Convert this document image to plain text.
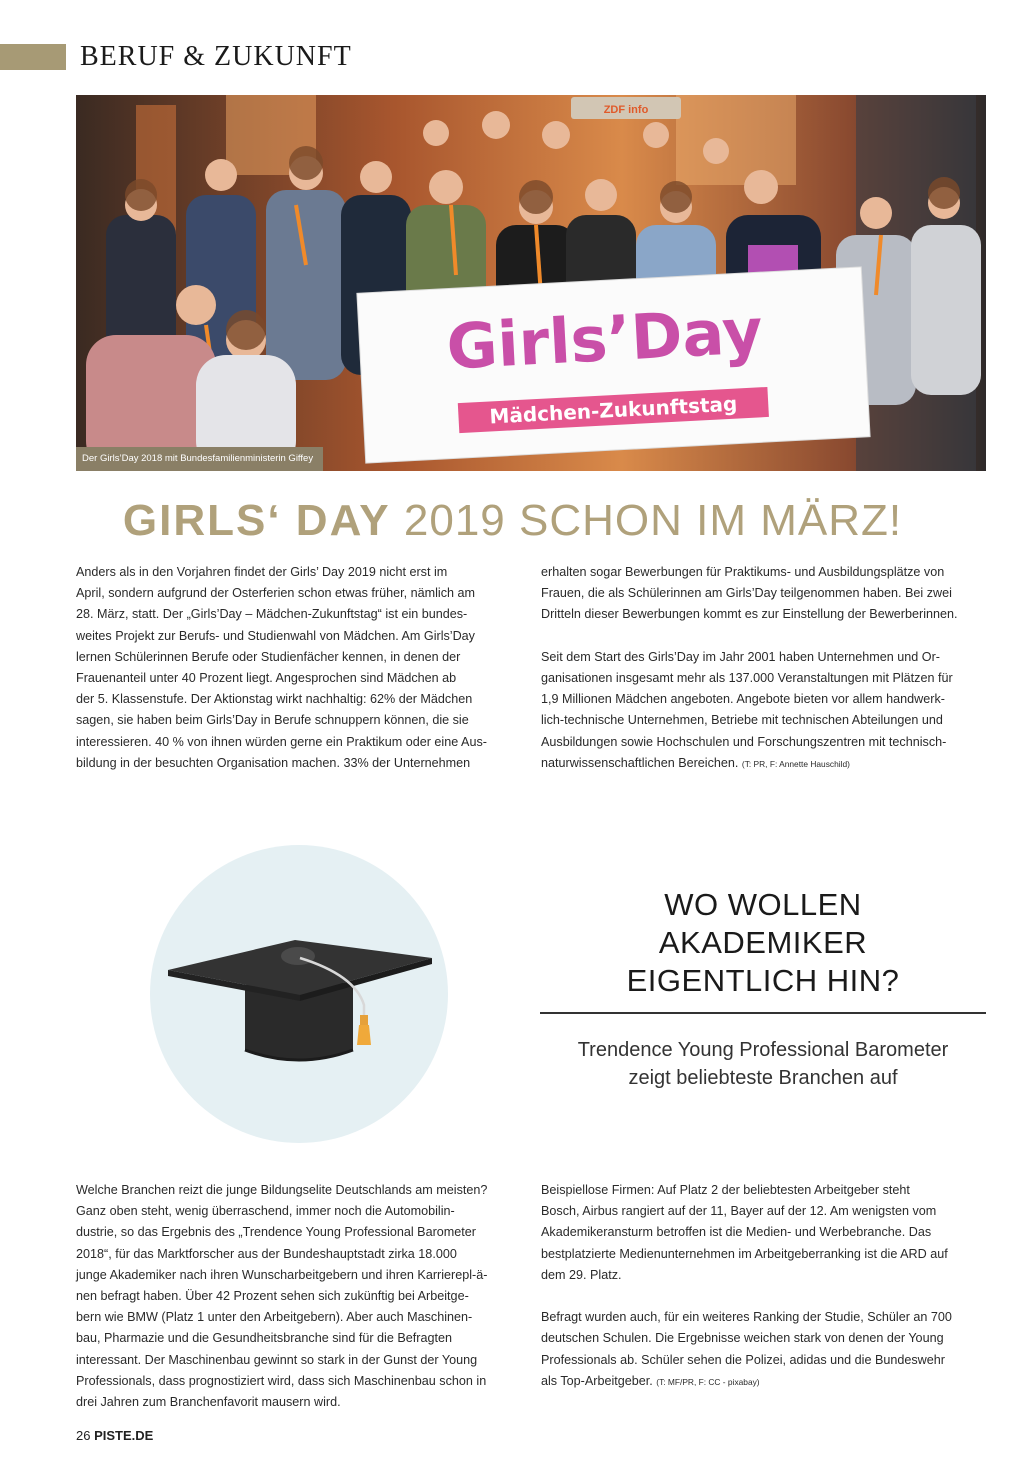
BERUF & ZUKUNFT
ZDF info
Girls’Day
Mädchen-Zukunftstag
Der Girls’Day 2018 mit Bundesfamilienministerin Giffey
GIRLS‘ DAY 2019 SCHON IM MÄRZ!

Anders als in den Vorjahren findet der Girls’ Day 2019 nicht erst im

April, sondern aufgrund der Osterferien schon etwas früher, nämlich am

28. März, statt. Der „Girls’Day – Mädchen-Zukunftstag“ ist ein bundes-

weites Projekt zur Berufs- und Studienwahl von Mädchen. Am Girls’Day

lernen Schülerinnen Berufe oder Studienfächer kennen, in denen der

Frauenanteil unter 40 Prozent liegt. Angesprochen sind Mädchen ab

der 5. Klassenstufe. Der Aktionstag wirkt nachhaltig: 62% der Mädchen

sagen, sie haben beim Girls’Day in Berufe schnuppern können, die sie

interessieren. 40 % von ihnen würden gerne ein Praktikum oder eine Aus-

bildung in der besuchten Organisation machen. 33% der Unternehmen

erhalten sogar Bewerbungen für Praktikums- und Ausbildungsplätze von

Frauen, die als Schülerinnen am Girls’Day teilgenommen haben. Bei zwei

Dritteln dieser Bewerbungen kommt es zur Einstellung der Bewerberinnen.

Seit dem Start des Girls’Day im Jahr 2001 haben Unternehmen und Or-

ganisationen insgesamt mehr als 137.000 Veranstaltungen mit Plätzen für

1,9 Millionen Mädchen angeboten. Angebote bieten vor allem handwerk-

lich-technische Unternehmen, Betriebe mit technischen Abteilungen und

Ausbildungen sowie Hochschulen und Forschungszentren mit technisch-

naturwissenschaftlichen Bereichen. (T: PR, F: Annette Hauschild)

WO WOLLEN
AKADEMIKER
EIGENTLICH HIN?
Trendence Young Professional Barometer
zeigt beliebteste Branchen auf

Welche Branchen reizt die junge Bildungselite Deutschlands am meisten?

Ganz oben steht, wenig überraschend, immer noch die Automobilin-

dustrie, so das Ergebnis des „Trendence Young Professional Barometer

2018“, für das Marktforscher aus der Bundeshauptstadt zirka 18.000

junge Akademiker nach ihren Wunscharbeitgebern und ihren Karrierepl-ä-

nen befragt haben. Über 42 Prozent sehen sich zukünftig bei Arbeitge-

bern wie BMW (Platz 1 unter den Arbeitgebern). Aber auch Maschinen-

bau, Pharmazie und die Gesundheitsbranche sind für die Befragten

interessant. Der Maschinenbau gewinnt so stark in der Gunst der Young

Professionals, dass prognostiziert wird, dass sich Maschinenbau schon in

drei Jahren zum Branchenfavorit mausern wird.

Beispiellose Firmen: Auf Platz 2 der beliebtesten Arbeitgeber steht

Bosch, Airbus rangiert auf der 11, Bayer auf der 12. Am wenigsten vom

Akademikeransturm betroffen ist die Medien- und Werbebranche. Das

bestplatzierte Medienunternehmen im Arbeitgeberranking ist die ARD auf

dem 29. Platz.

Befragt wurden auch, für ein weiteres Ranking der Studie, Schüler an 700

deutschen Schulen. Die Ergebnisse weichen stark von denen der Young

Professionals ab. Schüler sehen die Polizei, adidas und die Bundeswehr

als Top-Arbeitgeber. (T: MF/PR, F: CC - pixabay)

26 PISTE.DE
